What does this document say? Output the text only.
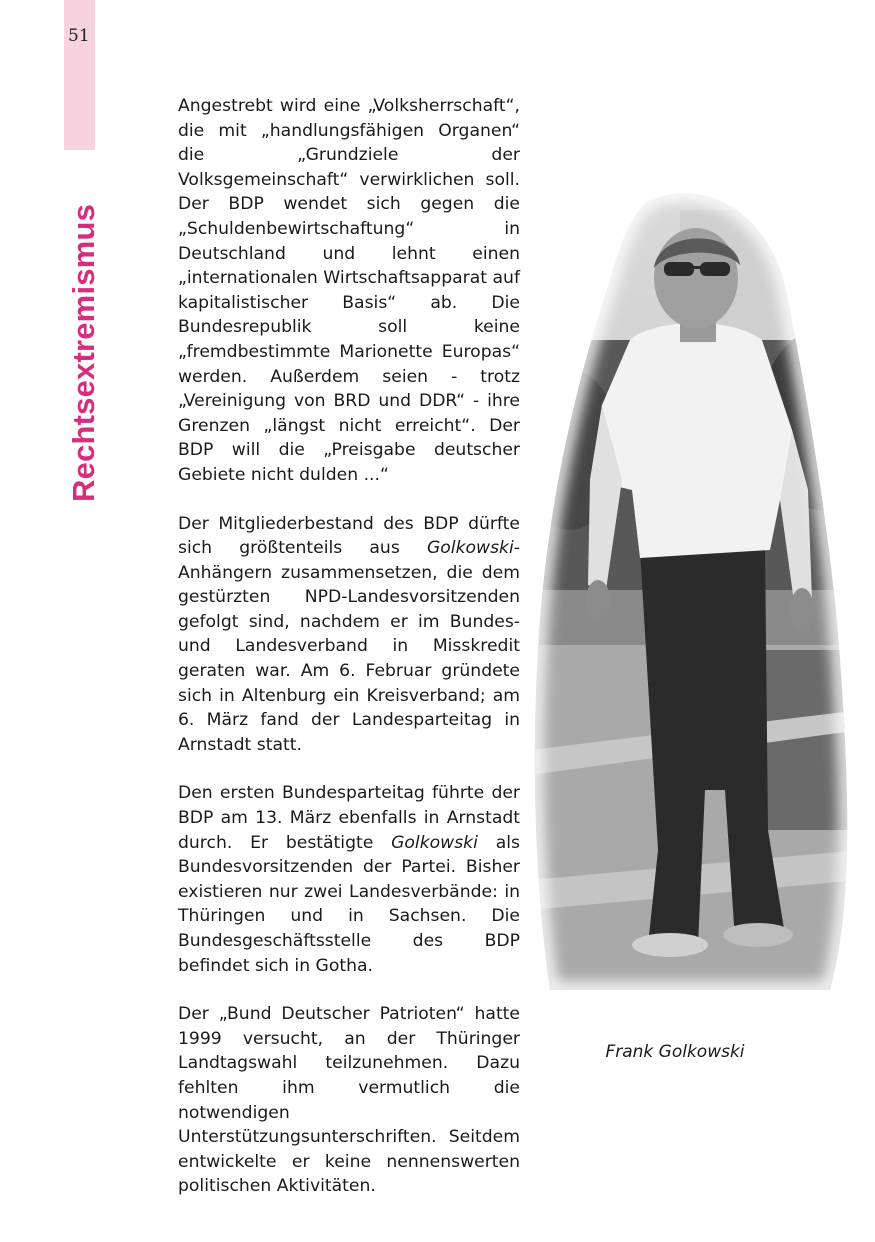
51
Rechtsextremismus

Angestrebt wird eine „Volksherrschaft“, die mit „handlungsfähigen Organen“ die „Grundziele der Volksgemeinschaft“ verwirklichen soll. Der BDP wendet sich gegen die „Schuldenbewirtschaftung“ in Deutschland und lehnt einen „internationalen Wirtschaftsapparat auf kapitalistischer Basis“ ab. Die Bundesrepublik soll keine „fremdbestimmte Marionette Europas“ werden. Außerdem seien - trotz „Vereinigung von BRD und DDR“ - ihre Grenzen „längst nicht erreicht“. Der BDP will die „Preisgabe deutscher Gebiete nicht dulden ...“

Der Mitgliederbestand des BDP dürfte sich größtenteils aus Golkowski-Anhängern zusammensetzen, die dem gestürzten NPD-Landesvorsitzenden gefolgt sind, nachdem er im Bundes- und Landesverband in Misskredit geraten war. Am 6. Februar gründete sich in Altenburg ein Kreisverband; am 6. März fand der Landesparteitag in Arnstadt statt.

Den ersten Bundesparteitag führte der BDP am 13. März ebenfalls in Arnstadt durch. Er bestätigte Golkowski als Bundesvorsitzenden der Partei. Bisher existieren nur zwei Landesverbände: in Thüringen und in Sachsen. Die Bundesgeschäftsstelle des BDP befindet sich in Gotha.

Der „Bund Deutscher Patrioten“ hatte 1999 versucht, an der Thüringer Landtagswahl teilzunehmen. Dazu fehlten ihm vermutlich die notwendigen Unterstützungsunterschriften. Seitdem entwickelte er keine nennenswerten politischen Aktivitäten.

Frank Golkowski
